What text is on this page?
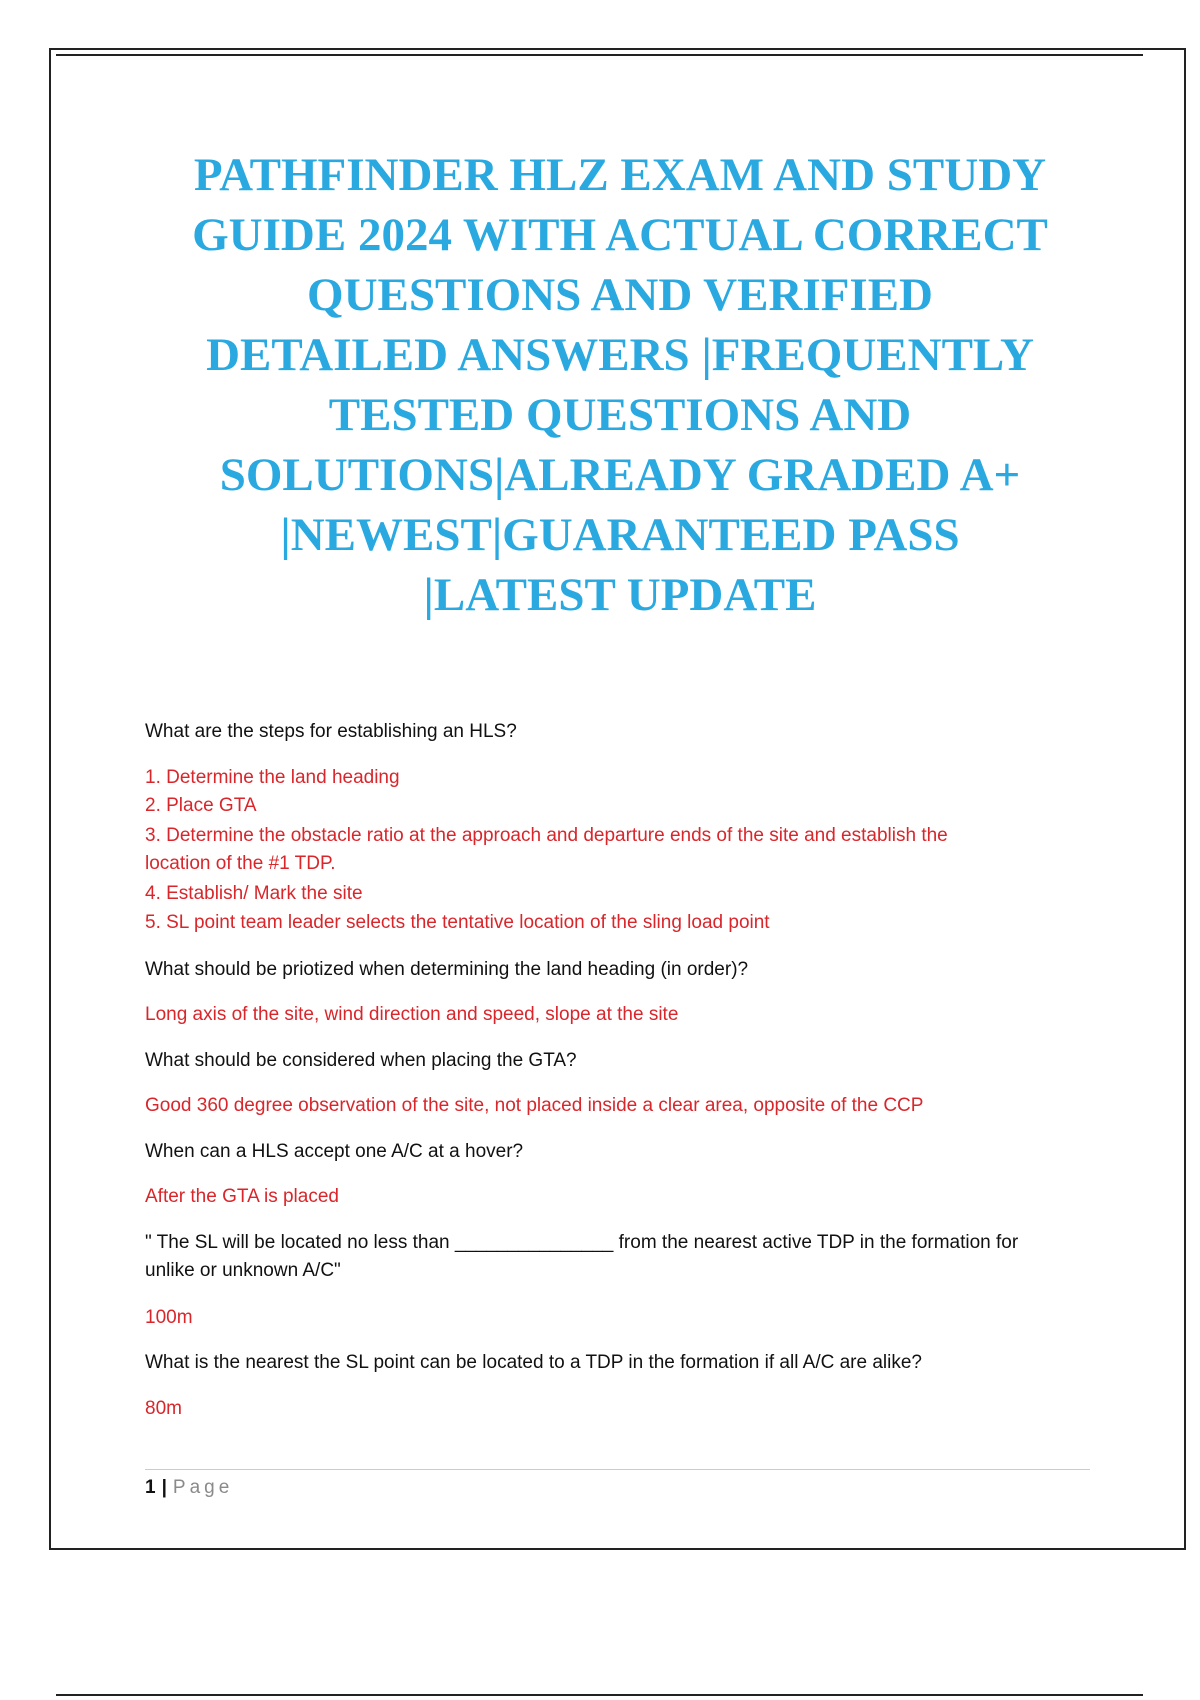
PATHFINDER HLZ EXAM AND STUDY
GUIDE 2024 WITH ACTUAL CORRECT
QUESTIONS AND VERIFIED
DETAILED ANSWERS |FREQUENTLY
TESTED QUESTIONS AND
SOLUTIONS|ALREADY GRADED A+
|NEWEST|GUARANTEED PASS
|LATEST UPDATE
What are the steps for establishing an HLS?
1. Determine the land heading
2. Place GTA
3. Determine the obstacle ratio at the approach and departure ends of the site and establish the
location of the #1 TDP.
4. Establish/ Mark the site
5. SL point team leader selects the tentative location of the sling load point
What should be priotized when determining the land heading (in order)?
Long axis of the site, wind direction and speed, slope at the site
What should be considered when placing the GTA?
Good 360 degree observation of the site, not placed inside a clear area, opposite of the CCP
When can a HLS accept one A/C at a hover?
After the GTA is placed
" The SL will be located no less than _______________ from the nearest active TDP in the formation for
unlike or unknown A/C"
100m
What is the nearest the SL point can be located to a TDP in the formation if all A/C are alike?
80m
1 | Page
